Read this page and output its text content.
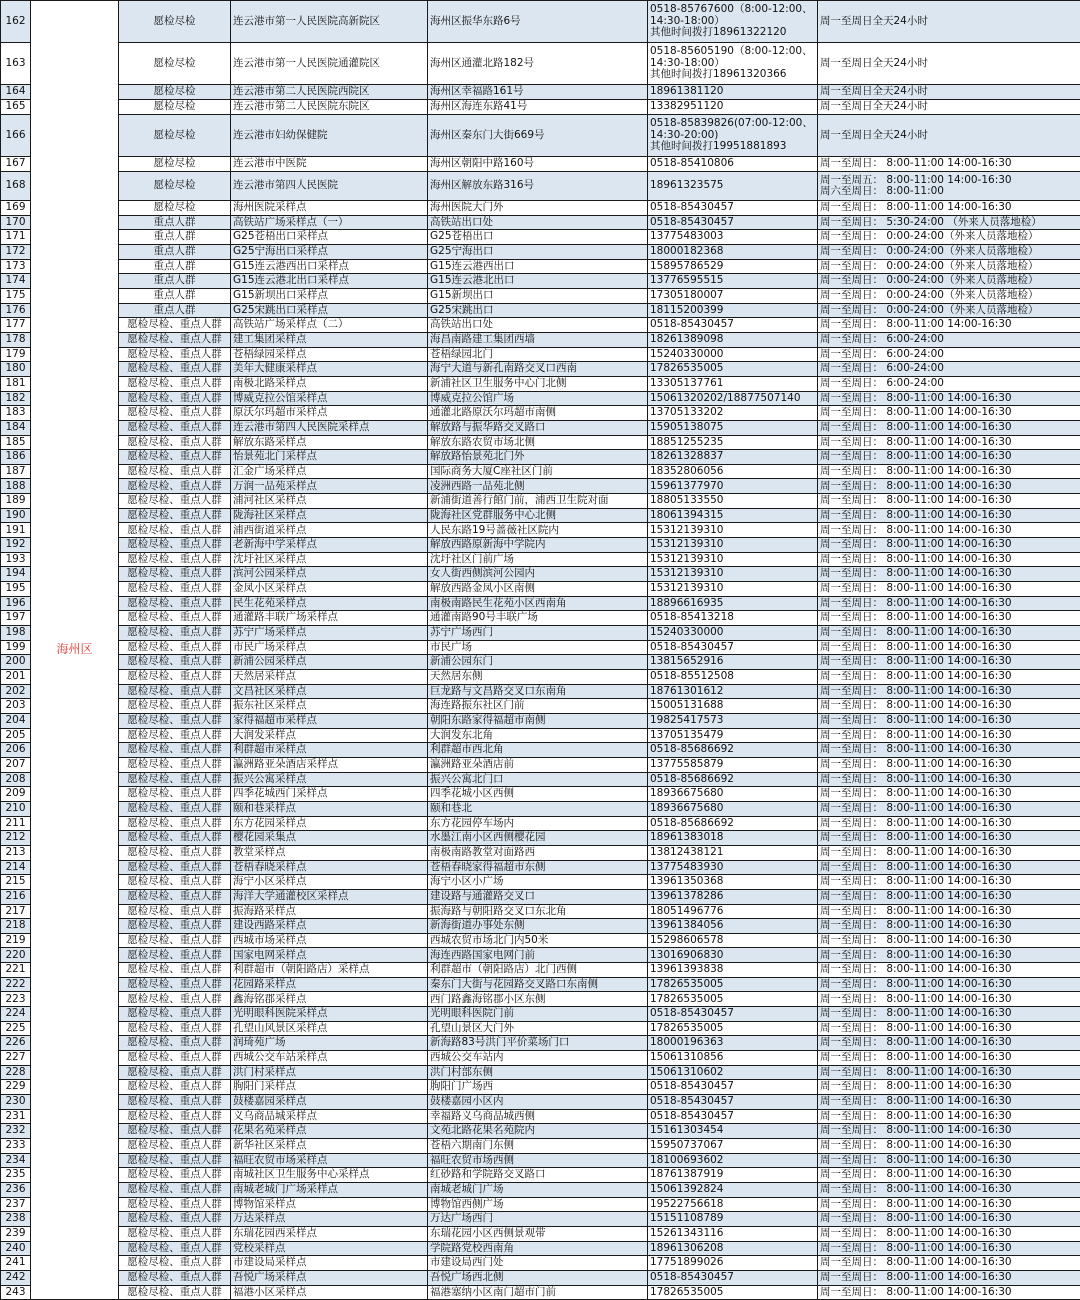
162	海州区	愿检尽检	连云港市第一人民医院高新院区	海州区振华东路6号	0518-85767600（8:00-12:00、
14:30-18:00）
其他时间拨打18961322120	周一至周日全天24小时

163		愿检尽检	连云港市第一人民医院通灌院区	海州区通灌北路182号	0518-85605190（8:00-12:00、
14:30-18:00）
其他时间拨打18961320366	周一至周日全天24小时

164		愿检尽检	连云港市第二人民医院西院区	海州区幸福路161号	18961381120	周一至周日全天24小时

165		愿检尽检	连云港市第二人民医院东院区	海州区海连东路41号	13382951120	周一至周日全天24小时

166		愿检尽检	连云港市妇幼保健院	海州区秦东门大街669号	0518-85839826(07:00-12:00、
14:30-20:00)
其他时间拨打19951881893	周一至周日全天24小时

167		愿检尽检	连云港市中医院	海州区朝阳中路160号	0518-85410806	周一至周日： 8:00-11:00 14:00-16:30

168		愿检尽检	连云港市第四人民医院	海州区解放东路316号	18961323575	周一至周五： 8:00-11:00 14:00-16:30
周六至周日： 8:00-11:00

169		愿检尽检	海州医院采样点	海州医院大门外	0518-85430457	周一至周日： 8:00-11:00 14:00-16:30

170		重点人群	高铁站广场采样点（一）	高铁站出口处	0518-85430457	周一至周日： 5:30-24:00 （外来人员落地检）

171		重点人群	G25苍梧出口采样点	G25苍梧出口	13775483003	周一至周日： 0:00-24:00（外来人员落地检）

172		重点人群	G25宁海出口采样点	G25宁海出口	18000182368	周一至周日： 0:00-24:00（外来人员落地检）

173		重点人群	G15连云港西出口采样点	G15连云港西出口	15895786529	周一至周日： 0:00-24:00（外来人员落地检）

174		重点人群	G15连云港北出口采样点	G15连云港北出口	13776595515	周一至周日： 0:00-24:00（外来人员落地检）

175		重点人群	G15新坝出口采样点	G15新坝出口	17305180007	周一至周日： 0:00-24:00（外来人员落地检）

176		重点人群	G25宋跳出口采样点	G25宋跳出口	18115200399	周一至周日： 0:00-24:00（外来人员落地检）

177		愿检尽检、重点人群	高铁站广场采样点（二）	高铁站出口处	0518-85430457	周一至周日： 8:00-11:00 14:00-16:30

178		愿检尽检、重点人群	建工集团采样点	海昌南路建工集团西墙	18261389098	周一至周日： 6:00-24:00

179		愿检尽检、重点人群	苍梧绿园采样点	苍梧绿园北门	15240330000	周一至周日： 6:00-24:00

180		愿检尽检、重点人群	美年大健康采样点	海宁大道与新孔南路交叉口西南	17826535005	周一至周日： 6:00-24:00

181		愿检尽检、重点人群	南极北路采样点	新浦社区卫生服务中心门北侧	13305137761	周一至周日： 6:00-24:00

182		愿检尽检、重点人群	博威克拉公馆采样点	博威克拉公馆广场	15061320202/18877507140	周一至周日： 8:00-11:00 14:00-16:30

183		愿检尽检、重点人群	原沃尔玛超市采样点	通灌北路原沃尔玛超市南侧	13705133202	周一至周日： 8:00-11:00 14:00-16:30

184		愿检尽检、重点人群	连云港市第四人民医院采样点	解放路与振华路交叉路口	15905138075	周一至周日： 8:00-11:00 14:00-16:30

185		愿检尽检、重点人群	解放东路采样点	解放东路农贸市场北侧	18851255235	周一至周日： 8:00-11:00 14:00-16:30

186		愿检尽检、重点人群	怡景苑北门采样点	解放路怡景苑北门外	18261328837	周一至周日： 8:00-11:00 14:00-16:30

187		愿检尽检、重点人群	汇金广场采样点	国际商务大厦C座社区门前	18352806056	周一至周日： 8:00-11:00 14:00-16:30

188		愿检尽检、重点人群	万润一品苑采样点	凌洲西路一品苑北侧	15961377970	周一至周日： 8:00-11:00 14:00-16:30

189		愿检尽检、重点人群	浦河社区采样点	新浦街道善行館门前，浦西卫生院对面	18805133550	周一至周日： 8:00-11:00 14:00-16:30

190		愿检尽检、重点人群	陇海社区采样点	陇海社区党群服务中心北侧	18061394315	周一至周日： 8:00-11:00 14:00-16:30

191		愿检尽检、重点人群	浦西街道采样点	人民东路19号蔷薇社区院内	15312139310	周一至周日： 8:00-11:00 14:00-16:30

192		愿检尽检、重点人群	老新海中学采样点	解放西路原新海中学院内	15312139310	周一至周日： 8:00-11:00 14:00-16:30

193		愿检尽检、重点人群	沈圩社区采样点	沈圩社区门前广场	15312139310	周一至周日： 8:00-11:00 14:00-16:30

194		愿检尽检、重点人群	滨河公园采样点	女人街西侧滨河公园内	15312139310	周一至周日： 8:00-11:00 14:00-16:30

195		愿检尽检、重点人群	金凤小区采样点	解放西路金凤小区南侧	15312139310	周一至周日： 8:00-11:00 14:00-16:30

196		愿检尽检、重点人群	民生花苑采样点	南极南路民生花苑小区西南角	18896616935	周一至周日： 8:00-11:00 14:00-16:30

197		愿检尽检、重点人群	通灌路丰联广场采样点	通灌南路90号丰联广场	0518-85413218	周一至周日： 8:00-11:00 14:00-16:30

198		愿检尽检、重点人群	苏宁广场采样点	苏宁广场西门	15240330000	周一至周日： 8:00-11:00 14:00-16:30

199		愿检尽检、重点人群	市民广场采样点	市民广场	0518-85430457	周一至周日： 8:00-11:00 14:00-16:30

200		愿检尽检、重点人群	新浦公园采样点	新浦公园东门	13815652916	周一至周日： 8:00-11:00 14:00-16:30

201		愿检尽检、重点人群	天然居采样点	天然居东侧	0518-85512508	周一至周日： 8:00-11:00 14:00-16:30

202		愿检尽检、重点人群	文昌社区采样点	巨龙路与文昌路交叉口东南角	18761301612	周一至周日： 8:00-11:00 14:00-16:30

203		愿检尽检、重点人群	振东社区采样点	海连路振东社区门前	15005131688	周一至周日： 8:00-11:00 14:00-16:30

204		愿检尽检、重点人群	家得福超市采样点	朝阳东路家得福超市南侧	19825417573	周一至周日： 8:00-11:00 14:00-16:30

205		愿检尽检、重点人群	大润发采样点	大润发东北角	13705135479	周一至周日： 8:00-11:00 14:00-16:30

206		愿检尽检、重点人群	利群超市采样点	利群超市西北角	0518-85686692	周一至周日： 8:00-11:00 14:00-16:30

207		愿检尽检、重点人群	瀛洲路亚朵酒店采样点	瀛洲路亚朵酒店前	13775585879	周一至周日： 8:00-11:00 14:00-16:30

208		愿检尽检、重点人群	振兴公寓采样点	振兴公寓北门口	0518-85686692	周一至周日： 8:00-11:00 14:00-16:30

209		愿检尽检、重点人群	四季花城西门采样点	四季花城小区西侧	18936675680	周一至周日： 8:00-11:00 14:00-16:30

210		愿检尽检、重点人群	颐和巷采样点	颐和巷北	18936675680	周一至周日： 8:00-11:00 14:00-16:30

211		愿检尽检、重点人群	东方花园采样点	东方花园停车场内	0518-85686692	周一至周日： 8:00-11:00 14:00-16:30

212		愿检尽检、重点人群	樱花园采集点	水墨江南小区西侧樱花园	18961383018	周一至周日： 8:00-11:00 14:00-16:30

213		愿检尽检、重点人群	教堂采样点	南极南路教堂对面路西	13812438121	周一至周日： 8:00-11:00 14:00-16:30

214		愿检尽检、重点人群	苍梧春晓采样点	苍梧春晓家得福超市东侧	13775483930	周一至周日： 8:00-11:00 14:00-16:30

215		愿检尽检、重点人群	海宁小区采样点	海宁小区小广场	13961350368	周一至周日： 8:00-11:00 14:00-16:30

216		愿检尽检、重点人群	海洋大学通灌校区采样点	建设路与通灌路交叉口	13961378286	周一至周日： 8:00-11:00 14:00-16:30

217		愿检尽检、重点人群	振海路采样点	振海路与朝阳路交叉口东北角	18051496776	周一至周日： 8:00-11:00 14:00-16:30

218		愿检尽检、重点人群	建设西路采样点	新海街道办事处东侧	13961384056	周一至周日： 8:00-11:00 14:00-16:30

219		愿检尽检、重点人群	西城市场采样点	西城农贸市场北门内50米	15298606578	周一至周日： 8:00-11:00 14:00-16:30

220		愿检尽检、重点人群	国家电网采样点	海连西路国家电网门前	13016906830	周一至周日： 8:00-11:00 14:00-16:30

221		愿检尽检、重点人群	利群超市（朝阳路店）采样点	利群超市（朝阳路店）北门西侧	13961393838	周一至周日： 8:00-11:00 14:00-16:30

222		愿检尽检、重点人群	花园路采样点	秦东门大街与花园路交叉路口东南侧	17826535005	周一至周日： 8:00-11:00 14:00-16:30

223		愿检尽检、重点人群	鑫海铭郡采样点	西门路鑫海铭郡小区东侧	17826535005	周一至周日： 8:00-11:00 14:00-16:30

224		愿检尽检、重点人群	光明眼科医院采样点	光明眼科医院门前	0518-85430457	周一至周日： 8:00-11:00 14:00-16:30

225		愿检尽检、重点人群	孔望山风景区采样点	孔望山景区大门外	17826535005	周一至周日： 8:00-11:00 14:00-16:30

226		愿检尽检、重点人群	润琦苑广场	新海路83号洪门平价菜场门口	18000196363	周一至周日： 8:00-11:00 14:00-16:30

227		愿检尽检、重点人群	西城公交车站采样点	西城公交车站内	15061310856	周一至周日： 8:00-11:00 14:00-16:30

228		愿检尽检、重点人群	洪门村采样点	洪门村部东侧	15061310602	周一至周日： 8:00-11:00 14:00-16:30

229		愿检尽检、重点人群	朐阳门采样点	朐阳门广场西	0518-85430457	周一至周日： 8:00-11:00 14:00-16:30

230		愿检尽检、重点人群	鼓楼嘉园采样点	鼓楼嘉园小区内	0518-85430457	周一至周日： 8:00-11:00 14:00-16:30

231		愿检尽检、重点人群	义乌商品城采样点	幸福路义乌商品城西侧	0518-85430457	周一至周日： 8:00-11:00 14:00-16:30

232		愿检尽检、重点人群	花果名苑采样点	文苑北路花果名苑院内	15161303454	周一至周日： 8:00-11:00 14:00-16:30

233		愿检尽检、重点人群	新华社区采样点	苍梧六期南门东侧	15950737067	周一至周日： 8:00-11:00 14:00-16:30

234		愿检尽检、重点人群	福旺农贸市场采样点	福旺农贸市场西侧	18100693602	周一至周日： 8:00-11:00 14:00-16:30

235		愿检尽检、重点人群	南城社区卫生服务中心采样点	红砂路和学院路交叉路口	18761387919	周一至周日： 8:00-11:00 14:00-16:30

236		愿检尽检、重点人群	南城老城门广场采样点	南城老城门广场	15061392824	周一至周日： 8:00-11:00 14:00-16:30

237		愿检尽检、重点人群	博物馆采样点	博物馆西侧广场	19522756618	周一至周日： 8:00-11:00 14:00-16:30

238		愿检尽检、重点人群	万达采样点	万达广场西门	15151108789	周一至周日： 8:00-11:00 14:00-16:30

239		愿检尽检、重点人群	东瑞花园西采样点	东瑞花园小区西侧景观带	15261343116	周一至周日： 8:00-11:00 14:00-16:30

240		愿检尽检、重点人群	党校采样点	学院路党校西南角	18961306208	周一至周日： 8:00-11:00 14:00-16:30

241		愿检尽检、重点人群	市建设局采样点	市建设局西门处	17751899026	周一至周日： 8:00-11:00 14:00-16:30

242		愿检尽检、重点人群	吾悦广场采样点	吾悦广场西北侧	0518-85430457	周一至周日： 8:00-11:00 14:00-16:30

243		愿检尽检、重点人群	福港小区采样点	福港塞纳小区南门超市门前	17826535005	周一至周日： 8:00-11:00 14:00-16:30
